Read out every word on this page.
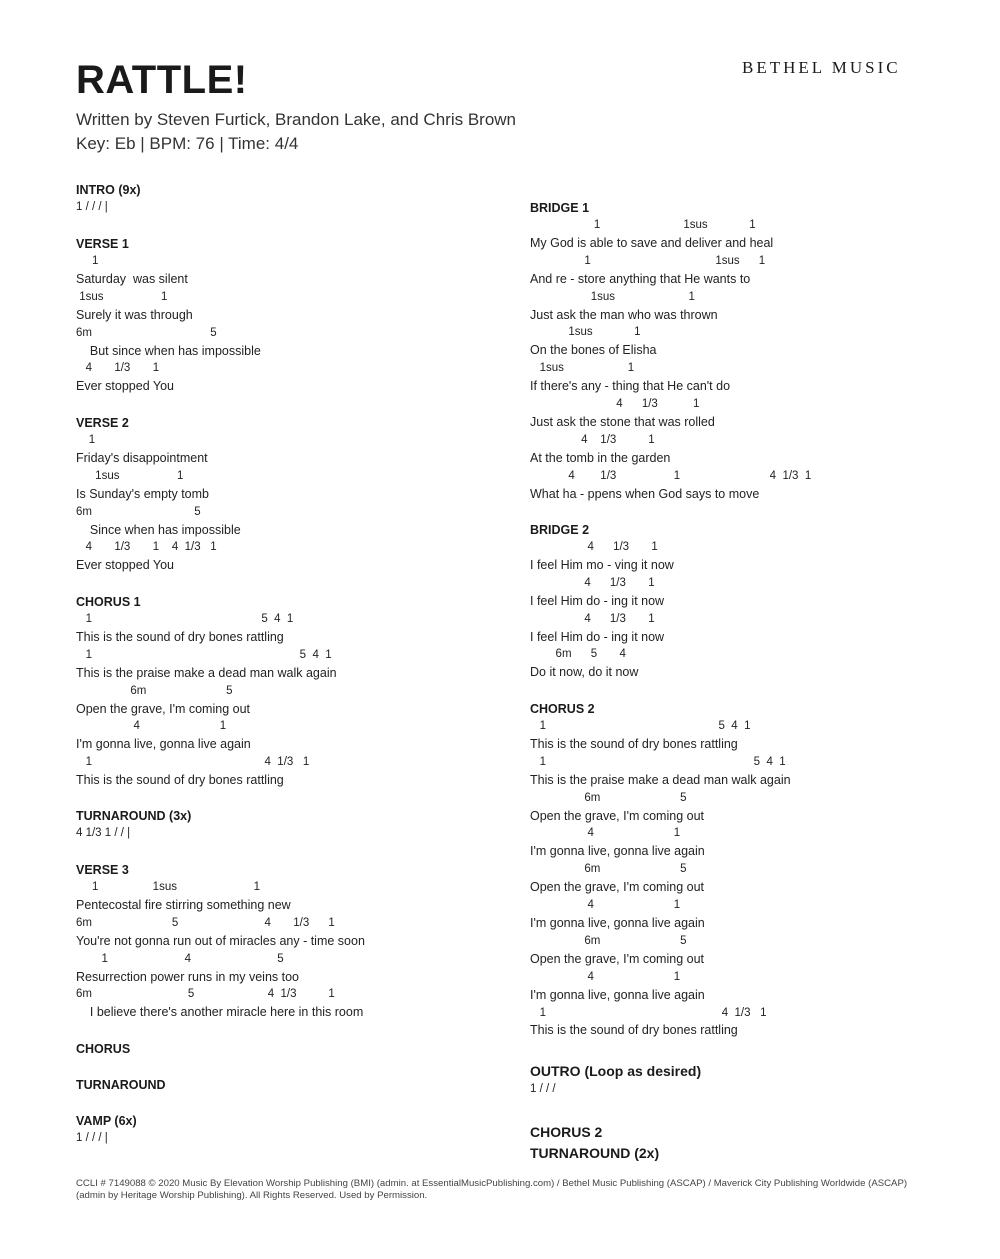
BETHEL MUSIC
RATTLE!
Written by Steven Furtick, Brandon Lake, and Chris Brown
Key: Eb | BPM: 76 | Time: 4/4
INTRO (9x)
1 / / / |
VERSE 1
1
Saturday  was silent
1sus                  1
Surely it was through
6m                                     5
But since when has impossible
4       1/3       1
Ever stopped You
VERSE 2
1
Friday's disappointment
1sus                  1
Is Sunday's empty tomb
6m                                5
Since when has impossible
4       1/3       1    4  1/3   1
Ever stopped You
CHORUS 1
1                                                     5  4  1
This is the sound of dry bones rattling
1                                                                 5  4  1
This is the praise make a dead man walk again
6m                         5
Open the grave, I'm coming out
4                         1
I'm gonna live, gonna live again
1                                                      4  1/3   1
This is the sound of dry bones rattling
TURNAROUND (3x)
4 1/3 1 / / |
VERSE 3
1                 1sus                        1
Pentecostal fire stirring something new
6m                         5                           4       1/3      1
You're not gonna run out of miracles any - time soon
1                        4                           5
Resurrection power runs in my veins too
6m                              5                       4  1/3          1
I believe there's another miracle here in this room
CHORUS
TURNAROUND
VAMP (6x)
1 / / / |
BRIDGE 1
1                          1sus             1
My God is able to save and deliver and heal
1                                       1sus      1
And re - store anything that He wants to
1sus                       1
Just ask the man who was thrown
1sus             1
On the bones of Elisha
1sus                    1
If there's any - thing that He can't do
4      1/3           1
Just ask the stone that was rolled
4    1/3          1
At the tomb in the garden
4        1/3                  1                            4  1/3  1
What ha - ppens when God says to move
BRIDGE 2
4      1/3       1
I feel Him mo - ving it now
4      1/3       1
I feel Him do - ing it now
4      1/3       1
I feel Him do - ing it now
6m      5       4
Do it now, do it now
CHORUS 2
1                                                      5  4  1
This is the sound of dry bones rattling
1                                                                 5  4  1
This is the praise make a dead man walk again
6m                         5
Open the grave, I'm coming out
4                         1
I'm gonna live, gonna live again
6m                         5
Open the grave, I'm coming out
4                         1
I'm gonna live, gonna live again
6m                         5
Open the grave, I'm coming out
4                         1
I'm gonna live, gonna live again
1                                                       4  1/3   1
This is the sound of dry bones rattling
OUTRO (Loop as desired)
1 / / /
CHORUS 2
TURNAROUND (2x)
CCLI # 7149088 © 2020 Music By Elevation Worship Publishing (BMI) (admin. at EssentialMusicPublishing.com) / Bethel Music Publishing (ASCAP) / Maverick City Publishing Worldwide (ASCAP) (admin by Heritage Worship Publishing). All Rights Reserved. Used by Permission.
